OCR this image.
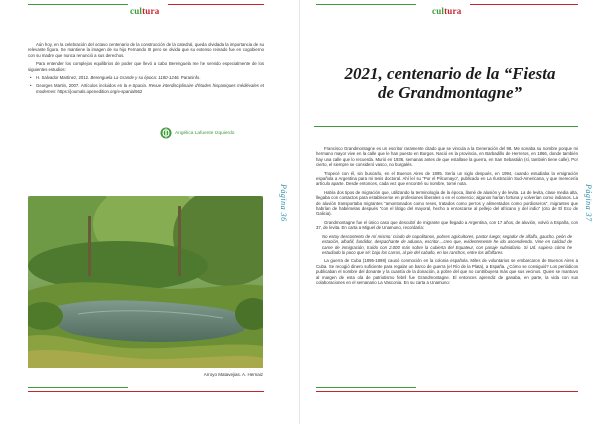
cultura

Aún hoy, en la celebración del octavo centenario de la construcción de la catedral, queda olvidada la importancia de su relevante figura. Se mantiene la imagen de su hijo Fernando III pero se olvida que su extenso reinado fue en cogobierno con su madre que nunca renunció a sus derechos.

Para entender los complejos equilibrios de poder que llevó a cabo Berenguela me he servido especialmente de los siguientes estudios:

• H. Salvador Martinez, 2012. Berenguela La Grande y su época: 1180-1246. Paraninfo.

• Georges Martin, 2007. Artículos incluidos en la e-Spania. Revue interdisciplinaire d'études hispaniques médiévales et modernes: https://journals.openedition.org/e-spania/562

Angélica Lafuente Izquierdo
Arroyo Matavejias. A. Hernaiz
Página 36
cultura
2021, centenario de la “Fiesta
de Grandmontagne”

Francisco Grandmontagne es un escritor raramente citado que se vincula a la Generación del 98. Me sonaba su nombre porque mi hermano mayor vive en la calle que le han puesto en Burgos. Nació en la provincia, en Barbadillo de Herreros, en 1866, donde también hay una calle que lo recuerda. Murió en 1936, semanas antes de que estallase la guerra, en San Sebastián (sí, también tiene calle). Por cierto, el siempre se consideró vasco, no burgalés.

Tropecé con él, sin buscarlo, en el Buenos Aires de 1895. Sería un siglo después, en 1994, cuando estudiaba la emigración española a Argentina para mi tesis doctoral. Ahí leí su “Por el Pilcomayo”, publicado en La Ilustración Sud-Americana, y que merecería artículo aparte. Desde entonces, cada vez que encontré su nombre, tomé nota.

Había dos tipos de migración que, utilizando la terminología de la época, llamé de alusión y de levita. La de levita, clase media alta, llegaba con contactos para establecerse en profesiones liberales o en el comercio; algunos harían fortuna y volverían como indianos. La de aluvión transportaba migrantes “amontonados como reses, tratados como perros y alimentados como pordioseros”, migrantes que habrían de habérselas después “con el látigo del mayoral, hecho a enroscarse al pellejo del africano y del indio” (cito de El Eco de Galicia).

Grandmontagne fue el único caso que descubrí de migrante que llegado a Argentina, con 17 años, de aluvión, volvió a España, con 37, de levita. En carta a Miguel de Unamuno, recordaría:

No estoy descontento de mí mismo: criado de napolitanos, pobres agricultores, pastor luego; segador de alfalfa, gaucho, peón de estación, albañil, fundidor, despachante de aduana, escritor....creo que, evidentemente he ido ascendiendo. Vine en calidad de carne de inmigración, traído con 2.000 más sobre la cubierta del Equateur, con pasaje subsidiario. Si Ud. supiera cómo he estudiado lo poco que sé: bajo los carros, al pie del caballo, en los ranchos, entre los alfalfares.

La guerra de Cuba (1895-1898) causó conmoción en la colonia española. Miles de voluntarios se embarcaron de Buenos Aires a Cuba. Se recogió dinero suficiente para regalar un barco de guerra (el Río de la Plata), a España. ¿Cómo se consiguió? Los periódicos publicaban el nombre del donante y la cuantía de la donación, a pobre del que no contribuyera más que sus vecinos. Quien se mantuvo al margen de esta ola de patriotismo febril fue Grandmontagne. El entonces aprendiz de ganaba, en parte, la vida con sus colaboraciones en el semanario La Vasconia. En su carta a Unamuno:

Página 37
